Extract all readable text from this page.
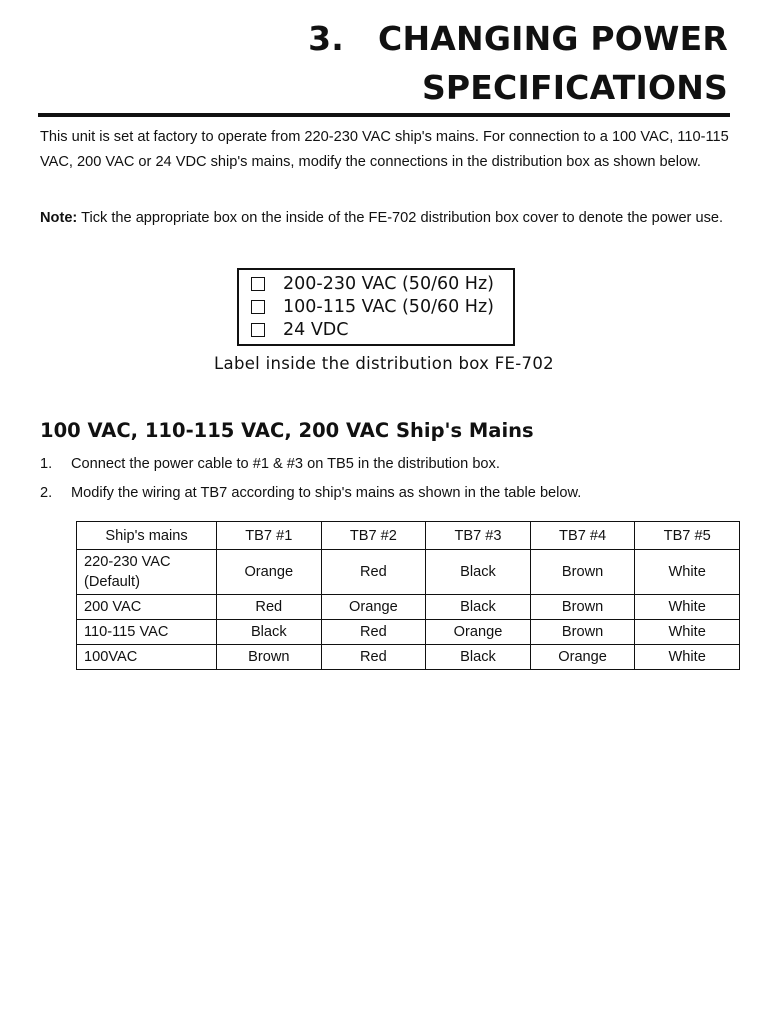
3. CHANGING POWER
SPECIFICATIONS
This unit is set at factory to operate from 220-230 VAC ship's mains. For connection to a 100 VAC, 110-115 VAC, 200 VAC or 24 VDC ship's mains, modify the connections in the distribution box as shown below.
Note: Tick the appropriate box on the inside of the FE-702 distribution box cover to denote the power use.
200-230 VAC (50/60 Hz)
100-115 VAC (50/60 Hz)
24 VDC
Label inside the distribution box FE-702
100 VAC, 110-115 VAC, 200 VAC Ship's Mains
1.	Connect the power cable to #1 & #3 on TB5 in the distribution box.
2.	Modify the wiring at TB7 according to ship's mains as shown in the table below.
Ship's mains	TB7 #1	TB7 #2	TB7 #3	TB7 #4	TB7 #5

220-230 VAC
(Default)	Orange	Red	Black	Brown	White
200 VAC	Red	Orange	Black	Brown	White
110-115 VAC	Black	Red	Orange	Brown	White
100VAC	Brown	Red	Black	Orange	White
